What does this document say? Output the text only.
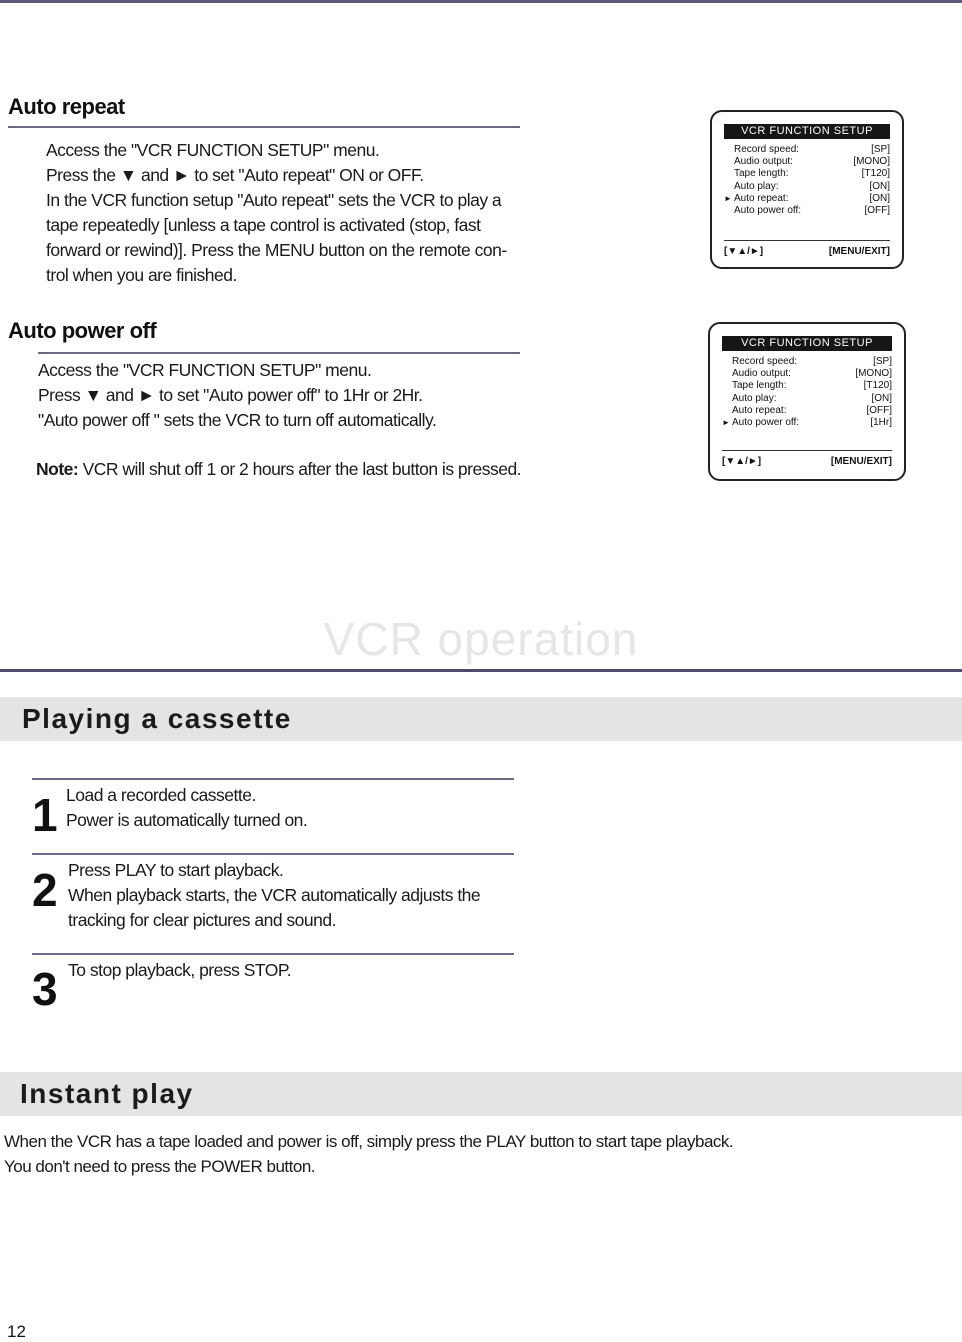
Auto repeat
Access the "VCR FUNCTION SETUP" menu.
Press the ▼ and ► to set "Auto repeat" ON or OFF.
In the VCR function setup "Auto repeat" sets the VCR to play a
tape repeatedly [unless a tape control is activated (stop, fast
forward or rewind)]. Press the MENU button on the remote con-
trol when you are finished.
Auto power off
Access the "VCR FUNCTION SETUP" menu.
Press ▼ and ► to set "Auto power off" to 1Hr or 2Hr.
"Auto power off " sets the VCR to turn off automatically.
Note: VCR will shut off 1 or 2 hours after the last button is pressed.
VCR FUNCTION SETUP
Record speed:	[SP]
Audio output:	[MONO]
Tape length:	[T120]
Auto play:	[ON]
► Auto repeat:	[ON]
Auto power off:	[OFF]
[▼▲/►]	[MENU/EXIT]
VCR FUNCTION SETUP
Record speed:	[SP]
Audio output:	[MONO]
Tape length:	[T120]
Auto play:	[ON]
Auto repeat:	[OFF]
► Auto power off:	[1Hr]
[▼▲/►]	[MENU/EXIT]
VCR operation
Playing a cassette
1 Load a recorded cassette.
Power is automatically turned on.
2 Press PLAY to start playback.
When playback starts, the VCR automatically adjusts the
tracking for clear pictures and sound.
3 To stop playback, press STOP.
Instant play
When the VCR has a tape loaded and power is off, simply press the PLAY button to start tape playback.
You don't need to press the POWER button.
12
